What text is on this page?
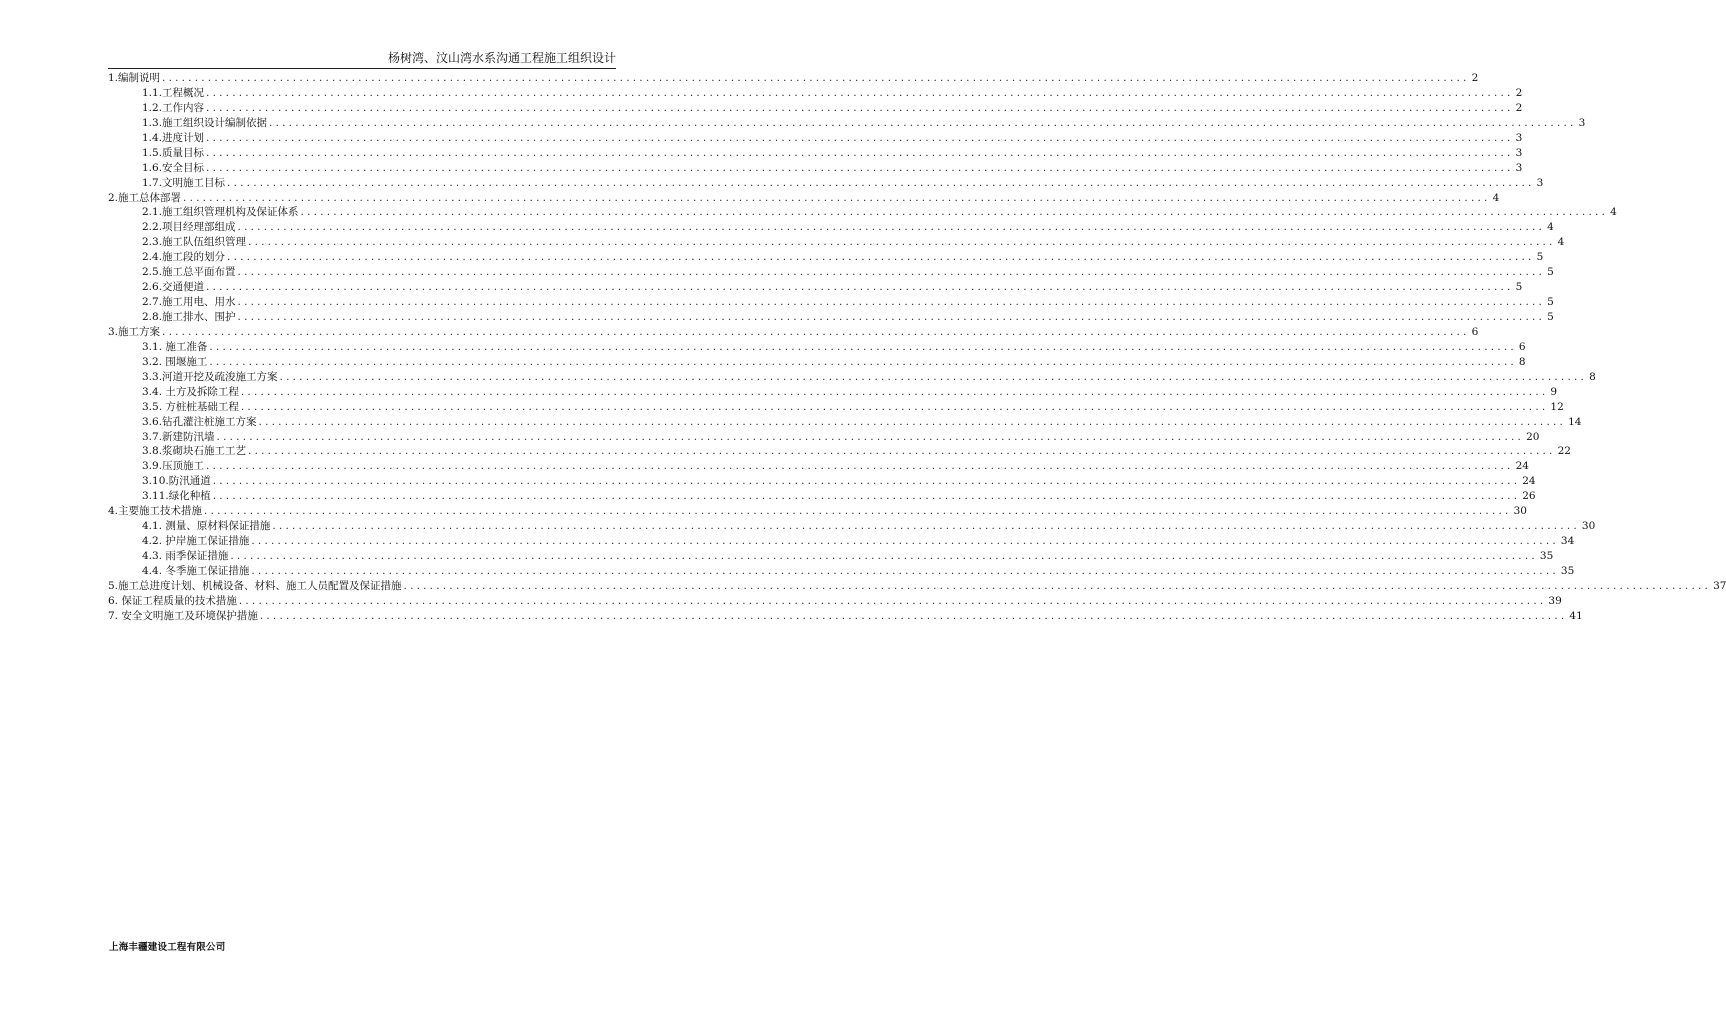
杨树湾、汶山湾水系沟通工程施工组织设计
1.编制说明 ........................................................................................................................................................................................................ 2
1.1.工程概况 ........................................................................................................................................................................................................ 2
1.2.工作内容 ........................................................................................................................................................................................................ 2
1.3.施工组织设计编制依据 ........................................................................................................................................................................................................ 3
1.4.进度计划 ........................................................................................................................................................................................................ 3
1.5.质量目标 ........................................................................................................................................................................................................ 3
1.6.安全目标 ........................................................................................................................................................................................................ 3
1.7.文明施工目标 ........................................................................................................................................................................................................ 3
2.施工总体部署 ........................................................................................................................................................................................................ 4
2.1.施工组织管理机构及保证体系 ........................................................................................................................................................................................................ 4
2.2.项目经理部组成 ........................................................................................................................................................................................................ 4
2.3.施工队伍组织管理 ........................................................................................................................................................................................................ 4
2.4.施工段的划分 ........................................................................................................................................................................................................ 5
2.5.施工总平面布置 ........................................................................................................................................................................................................ 5
2.6.交通便道 ........................................................................................................................................................................................................ 5
2.7.施工用电、用水 ........................................................................................................................................................................................................ 5
2.8.施工排水、围护 ........................................................................................................................................................................................................ 5
3.施工方案 ........................................................................................................................................................................................................ 6
3.1. 施工准备 ........................................................................................................................................................................................................ 6
3.2. 围堰施工 ........................................................................................................................................................................................................ 8
3.3.河道开挖及疏浚施工方案 ........................................................................................................................................................................................................ 8
3.4. 土方及拆除工程 ........................................................................................................................................................................................................ 9
3.5. 方桩桩基础工程 ........................................................................................................................................................................................................ 12
3.6.钻孔灌注桩施工方案 ........................................................................................................................................................................................................ 14
3.7.新建防汛墙 ........................................................................................................................................................................................................ 20
3.8.浆砌块石施工工艺 ........................................................................................................................................................................................................ 22
3.9.压顶施工 ........................................................................................................................................................................................................ 24
3.10.防汛通道 ........................................................................................................................................................................................................ 24
3.11.绿化种植 ........................................................................................................................................................................................................ 26
4.主要施工技术措施 ........................................................................................................................................................................................................ 30
4.1. 测量、原材料保证措施 ........................................................................................................................................................................................................ 30
4.2. 护岸施工保证措施 ........................................................................................................................................................................................................ 34
4.3. 雨季保证措施 ........................................................................................................................................................................................................ 35
4.4. 冬季施工保证措施 ........................................................................................................................................................................................................ 35
5.施工总进度计划、机械设备、材料、施工人员配置及保证措施 ........................................................................................................................................................................................................ 37
6. 保证工程质量的技术措施 ........................................................................................................................................................................................................ 39
7. 安全文明施工及环境保护措施 ........................................................................................................................................................................................................ 41
上海丰疆建设工程有限公司
